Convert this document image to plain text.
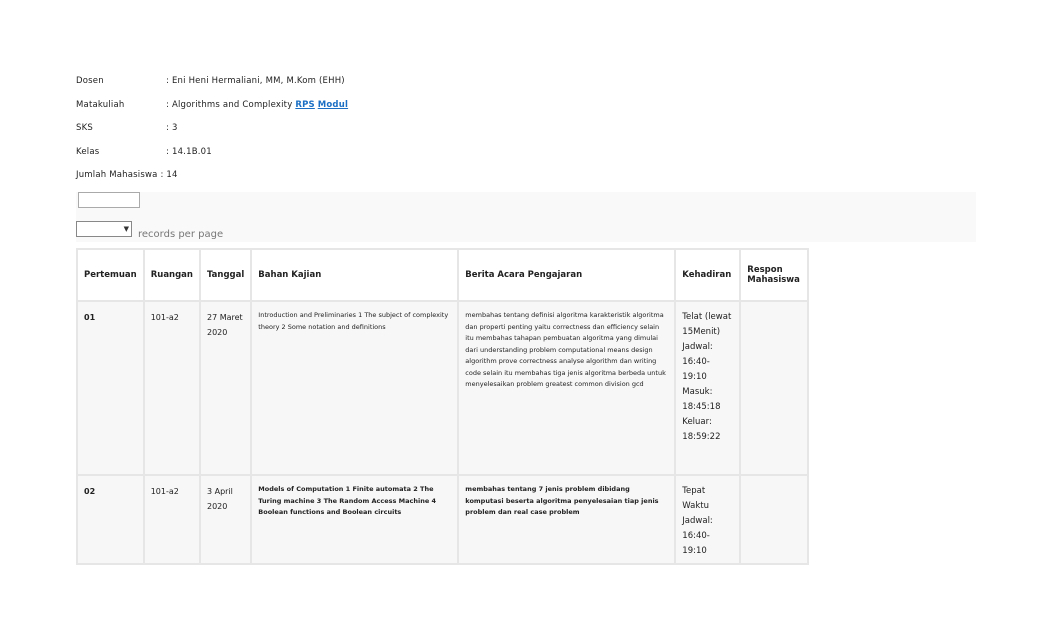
Dosen	: Eni Heni Hermaliani, MM, M.Kom (EHH)
Matakuliah	: Algorithms and Complexity RPS Modul
SKS	: 3
Kelas	: 14.1B.01
Jumlah Mahasiswa : 14
▼ records per page
Pertemuan	Ruangan	Tanggal	Bahan Kajian	Berita Acara Pengajaran	Kehadiran	Respon Mahasiswa
01	101-a2	27 Maret 2020	Introduction and Preliminaries 1 The subject of complexity theory 2 Some notation and definitions	membahas tentang definisi algoritma karakteristik algoritma dan properti penting yaitu correctness dan efficiency selain itu membahas tahapan pembuatan algoritma yang dimulai dari understanding problem computational means design algorithm prove correctness analyse algorithm dan writing code selain itu membahas tiga jenis algoritma berbeda untuk menyelesaikan problem greatest common division gcd	Telat (lewat 15Menit) Jadwal: 16:40-19:10 Masuk: 18:45:18 Keluar: 18:59:22	
02	101-a2	3 April 2020	Models of Computation 1 Finite automata 2 The Turing machine 3 The Random Access Machine 4 Boolean functions and Boolean circuits	membahas tentang 7 jenis problem dibidang komputasi beserta algoritma penyelesaian tiap jenis problem dan real case problem	Tepat Waktu Jadwal: 16:40-19:10	
